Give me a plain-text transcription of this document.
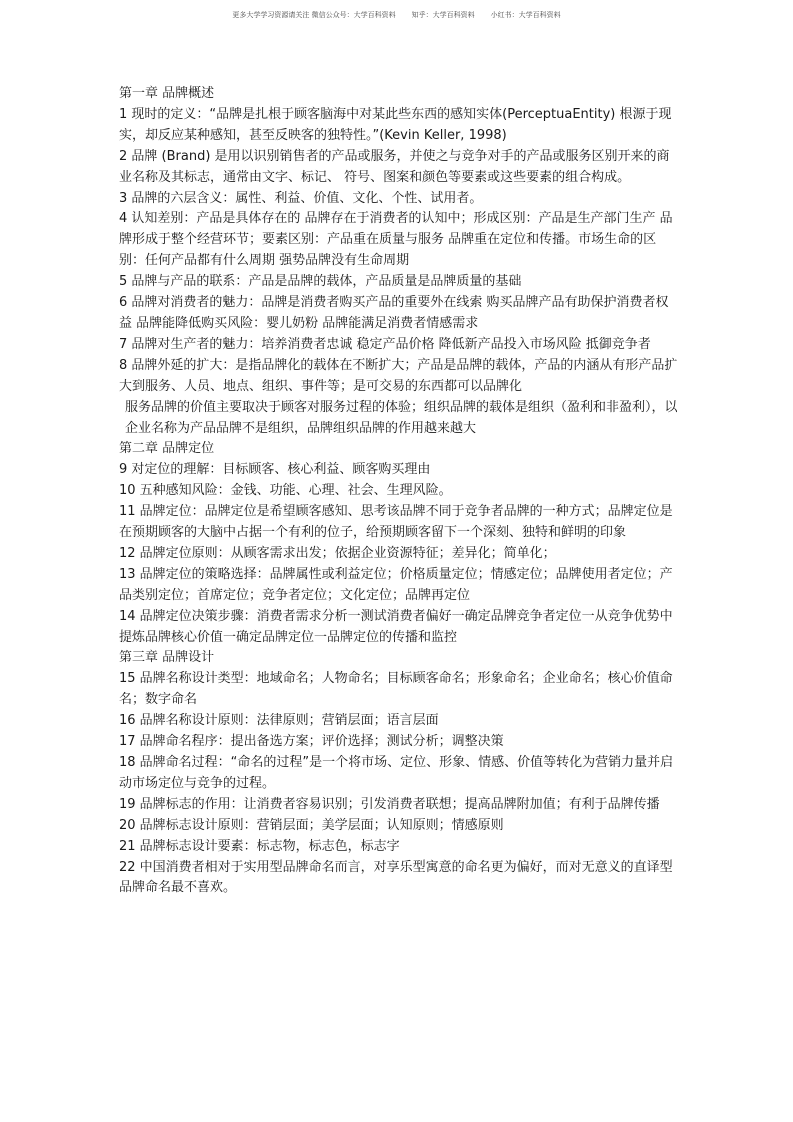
更多大学学习资源请关注 微信公众号：大学百科资料 知乎：大学百科资料 小红书：大学百科资料
第一章 品牌概述
1 现时的定义：“品牌是扎根于顾客脑海中对某此些东西的感知实体(PerceptuaEntity) 根源于现实，却反应某种感知，甚至反映客的独特性。”(Kevin Keller, 1998)
2 品牌 (Brand) 是用以识别销售者的产品或服务，并使之与竞争对手的产品或服务区别开来的商业名称及其标志，通常由文字、标记、 符号、图案和颜色等要素或这些要素的组合构成。
3 品牌的六层含义：属性、利益、价值、文化、个性、试用者。
4 认知差别：产品是具体存在的 品牌存在于消费者的认知中；形成区别：产品是生产部门生产 品牌形成于整个经营环节；要素区别：产品重在质量与服务 品牌重在定位和传播。市场生命的区别：任何产品都有什么周期 强势品牌没有生命周期
5 品牌与产品的联系：产品是品牌的载体，产品质量是品牌质量的基础
6 品牌对消费者的魅力：品牌是消费者购买产品的重要外在线索 购买品牌产品有助保护消费者权益 品牌能降低购买风险：婴儿奶粉 品牌能满足消费者情感需求
7 品牌对生产者的魅力：培养消费者忠诚 稳定产品价格 降低新产品投入市场风险 抵御竞争者
8 品牌外延的扩大：是指品牌化的载体在不断扩大；产品是品牌的载体，产品的内涵从有形产品扩大到服务、人员、地点、组织、事件等；是可交易的东西都可以品牌化
服务品牌的价值主要取决于顾客对服务过程的体验；组织品牌的载体是组织（盈利和非盈利），以企业名称为产品品牌不是组织，品牌组织品牌的作用越来越大
第二章 品牌定位
9 对定位的理解：目标顾客、核心利益、顾客购买理由
10 五种感知风险：金钱、功能、心理、社会、生理风险。
11 品牌定位：品牌定位是希望顾客感知、思考该品牌不同于竞争者品牌的一种方式；品牌定位是在预期顾客的大脑中占据一个有利的位子，给预期顾客留下一个深刻、独特和鲜明的印象
12 品牌定位原则：从顾客需求出发；依据企业资源特征；差异化；简单化；
13 品牌定位的策略选择：品牌属性或利益定位；价格质量定位；情感定位；品牌使用者定位；产品类别定位；首席定位；竞争者定位；文化定位；品牌再定位
14 品牌定位决策步骤：消费者需求分析一测试消费者偏好一确定品牌竞争者定位一从竞争优势中提炼品牌核心价值一确定品牌定位一品牌定位的传播和监控
第三章 品牌设计
15 品牌名称设计类型：地域命名；人物命名；目标顾客命名；形象命名；企业命名；核心价值命名；数字命名
16 品牌名称设计原则：法律原则；营销层面；语言层面
17 品牌命名程序：提出备选方案；评价选择；测试分析；调整决策
18 品牌命名过程：“命名的过程”是一个将市场、定位、形象、情感、价值等转化为营销力量并启动市场定位与竞争的过程。
19 品牌标志的作用：让消费者容易识别；引发消费者联想；提高品牌附加值；有利于品牌传播
20 品牌标志设计原则：营销层面；美学层面；认知原则；情感原则
21 品牌标志设计要素：标志物，标志色，标志字
22 中国消费者相对于实用型品牌命名而言，对享乐型寓意的命名更为偏好，而对无意义的直译型品牌命名最不喜欢。
